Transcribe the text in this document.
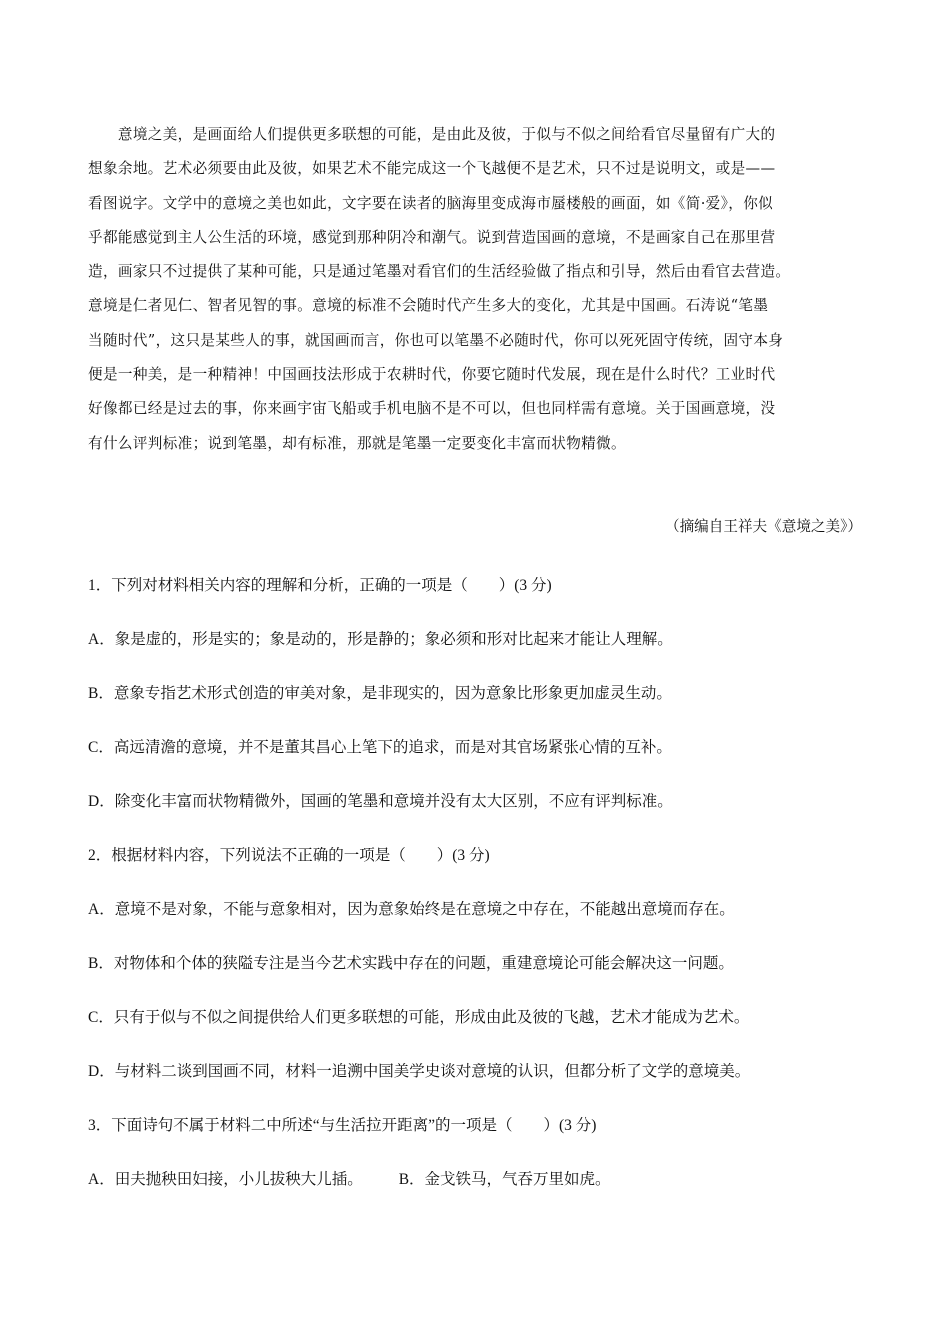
　　意境之美，是画面给人们提供更多联想的可能，是由此及彼，于似与不似之间给看官尽量留有广大的
想象余地。艺术必须要由此及彼，如果艺术不能完成这一个飞越便不是艺术，只不过是说明文，或是——
看图说字。文学中的意境之美也如此，文字要在读者的脑海里变成海市蜃楼般的画面，如《简·爱》，你似
乎都能感觉到主人公生活的环境，感觉到那种阴冷和潮气。说到营造国画的意境，不是画家自己在那里营
造，画家只不过提供了某种可能，只是通过笔墨对看官们的生活经验做了指点和引导，然后由看官去营造。
意境是仁者见仁、智者见智的事。意境的标准不会随时代产生多大的变化，尤其是中国画。石涛说“笔墨
当随时代”，这只是某些人的事，就国画而言，你也可以笔墨不必随时代，你可以死死固守传统，固守本身
便是一种美，是一种精神！中国画技法形成于农耕时代，你要它随时代发展，现在是什么时代？工业时代
好像都已经是过去的事，你来画宇宙飞船或手机电脑不是不可以，但也同样需有意境。关于国画意境，没
有什么评判标准；说到笔墨，却有标准，那就是笔墨一定要变化丰富而状物精微。
（摘编自王祥夫《意境之美》）
1．下列对材料相关内容的理解和分析，正确的一项是（　　）(3 分)
A．象是虚的，形是实的；象是动的，形是静的；象必须和形对比起来才能让人理解。
B．意象专指艺术形式创造的审美对象，是非现实的，因为意象比形象更加虚灵生动。
C．高远清澹的意境，并不是董其昌心上笔下的追求，而是对其官场紧张心情的互补。
D．除变化丰富而状物精微外，国画的笔墨和意境并没有太大区别，不应有评判标准。
2．根据材料内容，下列说法不正确的一项是（　　）(3 分)
A．意境不是对象，不能与意象相对，因为意象始终是在意境之中存在，不能越出意境而存在。
B．对物体和个体的狭隘专注是当今艺术实践中存在的问题，重建意境论可能会解决这一问题。
C．只有于似与不似之间提供给人们更多联想的可能，形成由此及彼的飞越，艺术才能成为艺术。
D．与材料二谈到国画不同，材料一追溯中国美学史谈对意境的认识，但都分析了文学的意境美。
3．下面诗句不属于材料二中所述“与生活拉开距离”的一项是（　　）(3 分)
A．田夫抛秧田妇接，小儿拔秧大儿插。 B．金戈铁马，气吞万里如虎。
